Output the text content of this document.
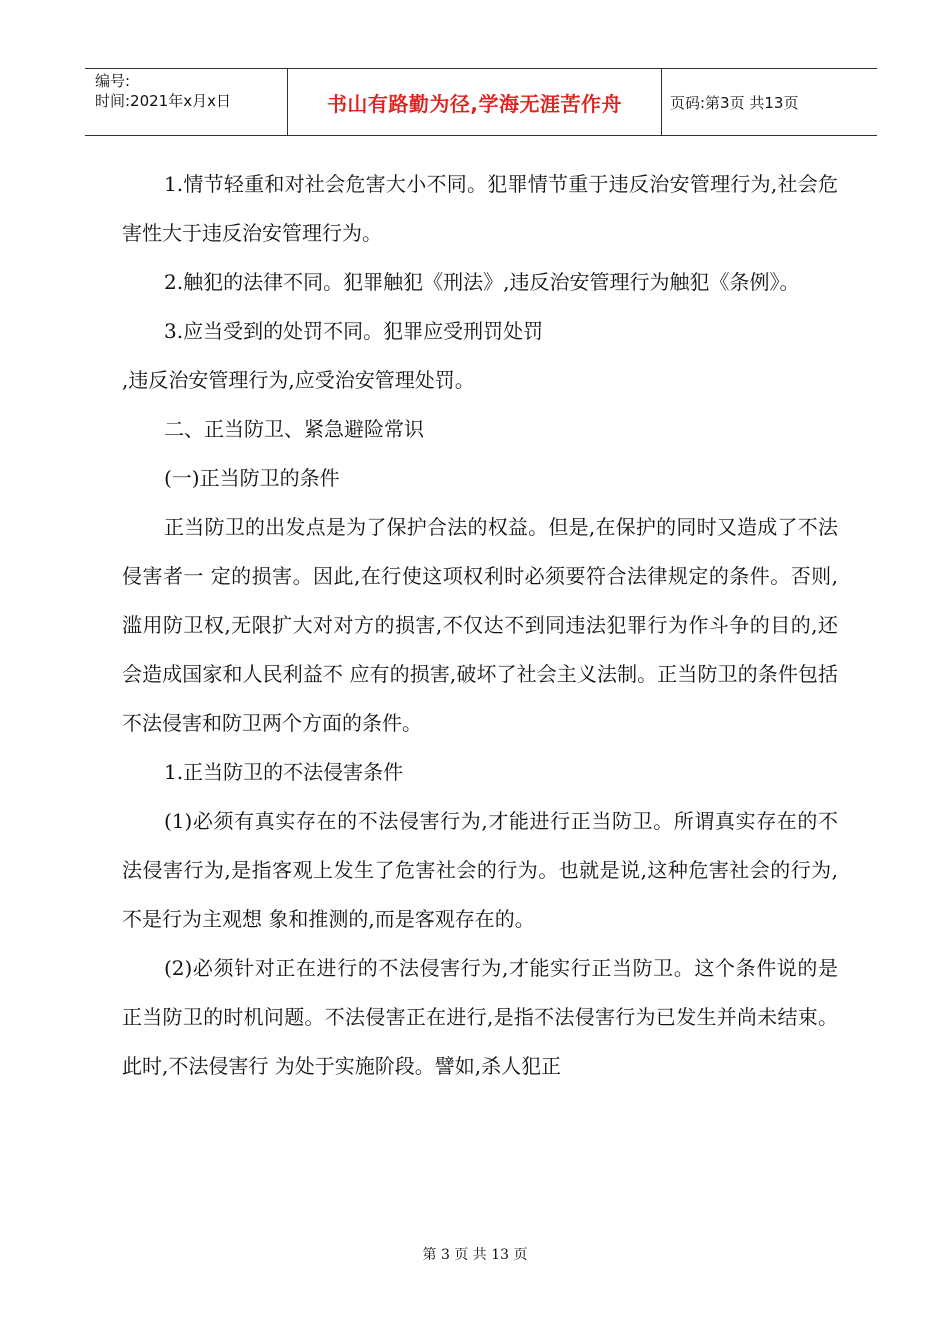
编号:
时间:2021年x月x日	书山有路勤为径,学海无涯苦作舟	页码:第3页 共13页

1.情节轻重和对社会危害大小不同。犯罪情节重于违反治安管理行为,社会危害性大于违反治安管理行为。

2.触犯的法律不同。犯罪触犯《刑法》,违反治安管理行为触犯《条例》。

3.应当受到的处罚不同。犯罪应受刑罚处罚

,违反治安管理行为,应受治安管理处罚。

二、正当防卫、紧急避险常识

(一)正当防卫的条件

正当防卫的出发点是为了保护合法的权益。但是,在保护的同时又造成了不法侵害者一 定的损害。因此,在行使这项权利时必须要符合法律规定的条件。否则,滥用防卫权,无限扩大对对方的损害,不仅达不到同违法犯罪行为作斗争的目的,还会造成国家和人民利益不 应有的损害,破坏了社会主义法制。正当防卫的条件包括不法侵害和防卫两个方面的条件。

1.正当防卫的不法侵害条件

(1)必须有真实存在的不法侵害行为,才能进行正当防卫。所谓真实存在的不法侵害行为,是指客观上发生了危害社会的行为。也就是说,这种危害社会的行为,不是行为主观想 象和推测的,而是客观存在的。

(2)必须针对正在进行的不法侵害行为,才能实行正当防卫。这个条件说的是正当防卫的时机问题。不法侵害正在进行,是指不法侵害行为已发生并尚未结束。此时,不法侵害行 为处于实施阶段。譬如,杀人犯正

第 3 页 共 13 页
